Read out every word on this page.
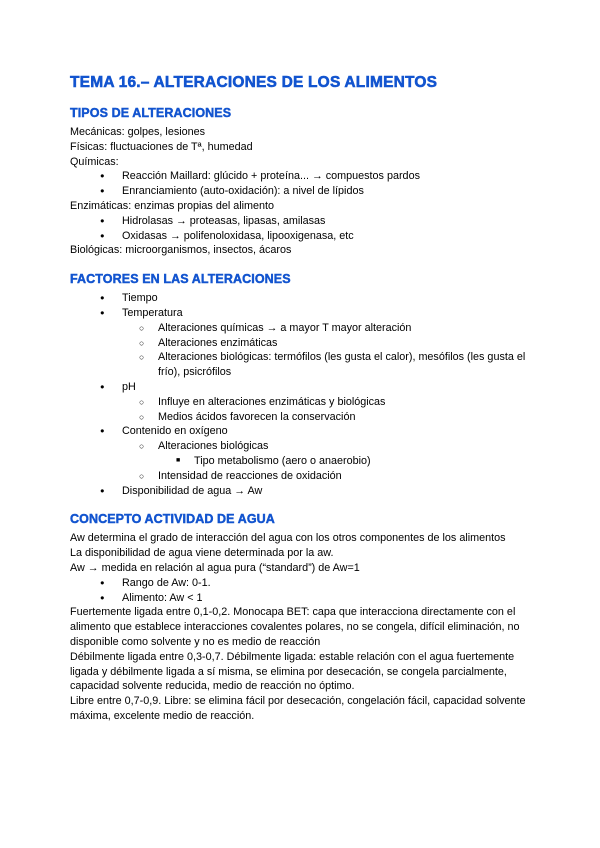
TEMA 16.– ALTERACIONES DE LOS ALIMENTOS
TIPOS DE ALTERACIONES
Mecánicas: golpes, lesiones
Físicas: fluctuaciones de Tª, humedad
Químicas:
●	Reacción Maillard: glúcido + proteína... → compuestos pardos
●	Enranciamiento (auto-oxidación): a nivel de lípidos
Enzimáticas: enzimas propias del alimento
●	Hidrolasas → proteasas, lipasas, amilasas
●	Oxidasas → polifenoloxidasa, lipooxigenasa, etc
Biológicas: microorganismos, insectos, ácaros
FACTORES EN LAS ALTERACIONES
●	Tiempo
●	Temperatura
○	Alteraciones químicas → a mayor T mayor alteración
○	Alteraciones enzimáticas
○	Alteraciones biológicas: termófilos (les gusta el calor), mesófilos (les gusta el frío), psicrófilos
●	pH
○	Influye en alteraciones enzimáticas y biológicas
○	Medios ácidos favorecen la conservación
●	Contenido en oxígeno
○	Alteraciones biológicas
■	Tipo metabolismo (aero o anaerobio)
○	Intensidad de reacciones de oxidación
●	Disponibilidad de agua → Aw
CONCEPTO ACTIVIDAD DE AGUA
Aw determina el grado de interacción del agua con los otros componentes de los alimentos
La disponibilidad de agua viene determinada por la aw.
Aw → medida en relación al agua pura (“standard”) de Aw=1
●	Rango de Aw: 0-1.
●	Alimento: Aw < 1
Fuertemente ligada entre 0,1-0,2. Monocapa BET: capa que interacciona directamente con el alimento que establece interacciones covalentes polares, no se congela, difícil eliminación, no disponible como solvente y no es medio de reacción
Débilmente ligada entre 0,3-0,7. Débilmente ligada: estable relación con el agua fuertemente ligada y débilmente ligada a sí misma, se elimina por desecación, se congela parcialmente, capacidad solvente reducida, medio de reacción no óptimo.
Libre entre 0,7-0,9. Libre: se elimina fácil por desecación, congelación fácil, capacidad solvente máxima, excelente medio de reacción.
